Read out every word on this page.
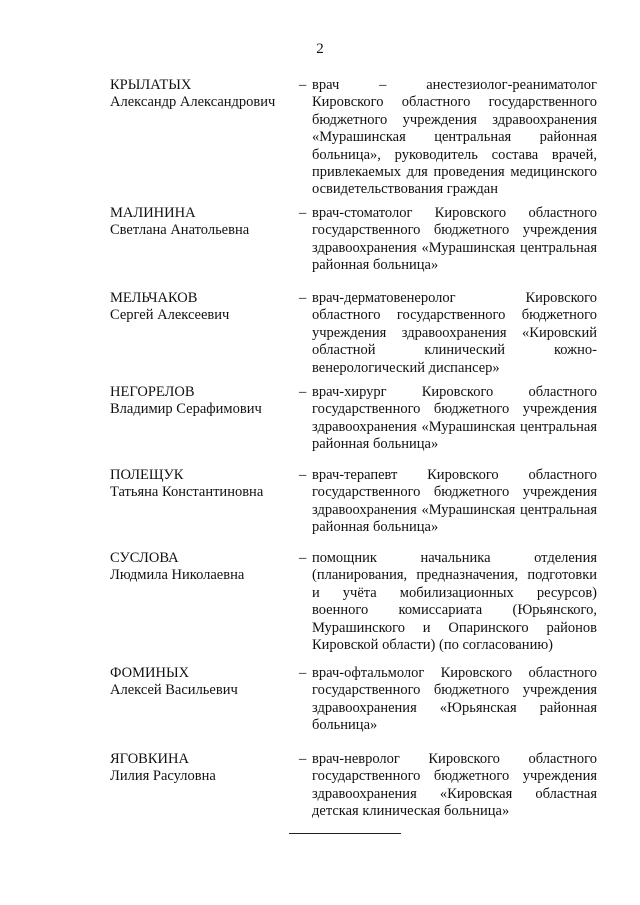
2
КРЫЛАТЫХ
Александр Александрович
– врач – анестезиолог-реаниматолог Кировского областного государственного бюджетного учреждения здравоохранения «Мурашинская центральная районная больница», руководитель состава врачей, привлекаемых для проведения медицинского освидетельствования граждан
МАЛИНИНА
Светлана Анатольевна
– врач-стоматолог Кировского областного государственного бюджетного учреждения здравоохранения «Мурашинская центральная районная больница»
МЕЛЬЧАКОВ
Сергей Алексеевич
– врач-дерматовенеролог Кировского областного государственного бюджетного учреждения здравоохранения «Кировский областной клинический кожно-венерологический диспансер»
НЕГОРЕЛОВ
Владимир Серафимович
– врач-хирург Кировского областного государственного бюджетного учреждения здравоохранения «Мурашинская центральная районная больница»
ПОЛЕЩУК
Татьяна Константиновна
– врач-терапевт Кировского областного государственного бюджетного учреждения здравоохранения «Мурашинская центральная районная больница»
СУСЛОВА
Людмила Николаевна
– помощник начальника отделения (планирования, предназначения, подготовки и учёта мобилизационных ресурсов) военного комиссариата (Юрьянского, Мурашинского и Опаринского районов Кировской области) (по согласованию)
ФОМИНЫХ
Алексей Васильевич
– врач-офтальмолог Кировского областного государственного бюджетного учреждения здравоохранения «Юрьянская районная больница»
ЯГОВКИНА
Лилия Расуловна
– врач-невролог Кировского областного государственного бюджетного учреждения здравоохранения «Кировская областная детская клиническая больница»
